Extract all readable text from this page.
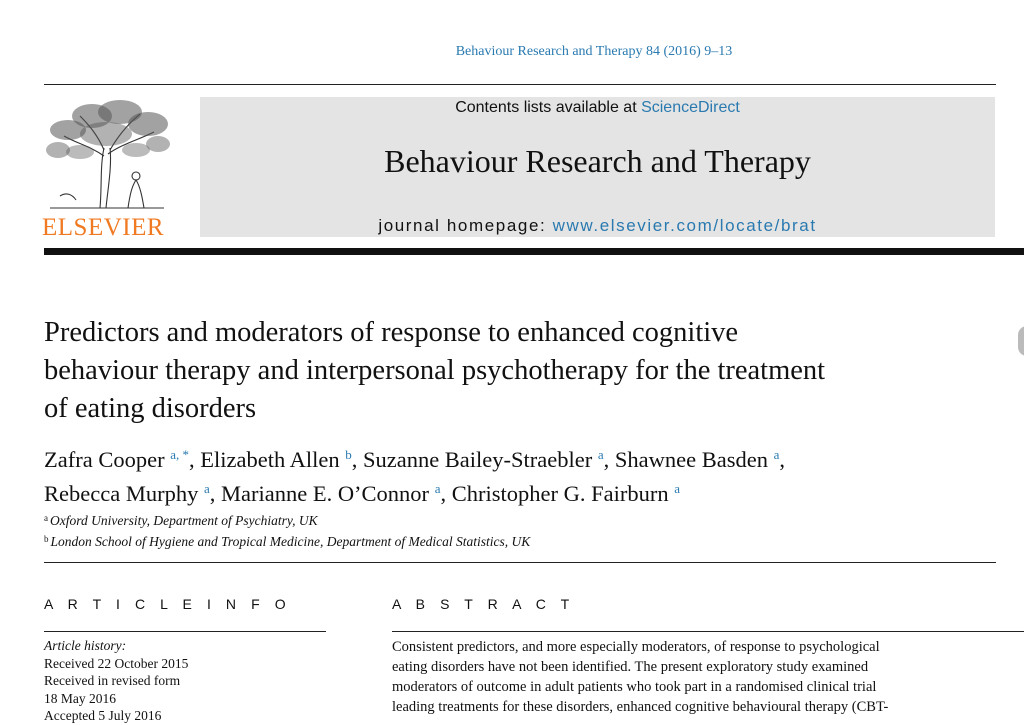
Behaviour Research and Therapy 84 (2016) 9–13
ELSEVIER
Contents lists available at ScienceDirect
Behaviour Research and Therapy
journal homepage: www.elsevier.com/locate/brat
Predictors and moderators of response to enhanced cognitive
behaviour therapy and interpersonal psychotherapy for the treatment
of eating disorders
Zafra Cooper $^{a, *}$, Elizabeth Allen $^b$, Suzanne Bailey-Straebler $^a$, Shawnee Basden $^a$,
Rebecca Murphy $^a$, Marianne E. O’Connor $^a$, Christopher G. Fairburn $^a$
$^a$ Oxford University, Department of Psychiatry, UK
$^b$ London School of Hygiene and Tropical Medicine, Department of Medical Statistics, UK
A R T I C L E I N F O	A B S T R A C T
Article history:
Received 22 October 2015
Received in revised form
18 May 2016
Accepted 5 July 2016
Consistent predictors, and more especially moderators, of response to psychological
eating disorders have not been identified. The present exploratory study examined
moderators of outcome in adult patients who took part in a randomised clinical trial
leading treatments for these disorders, enhanced cognitive behavioural therapy (CBT-
